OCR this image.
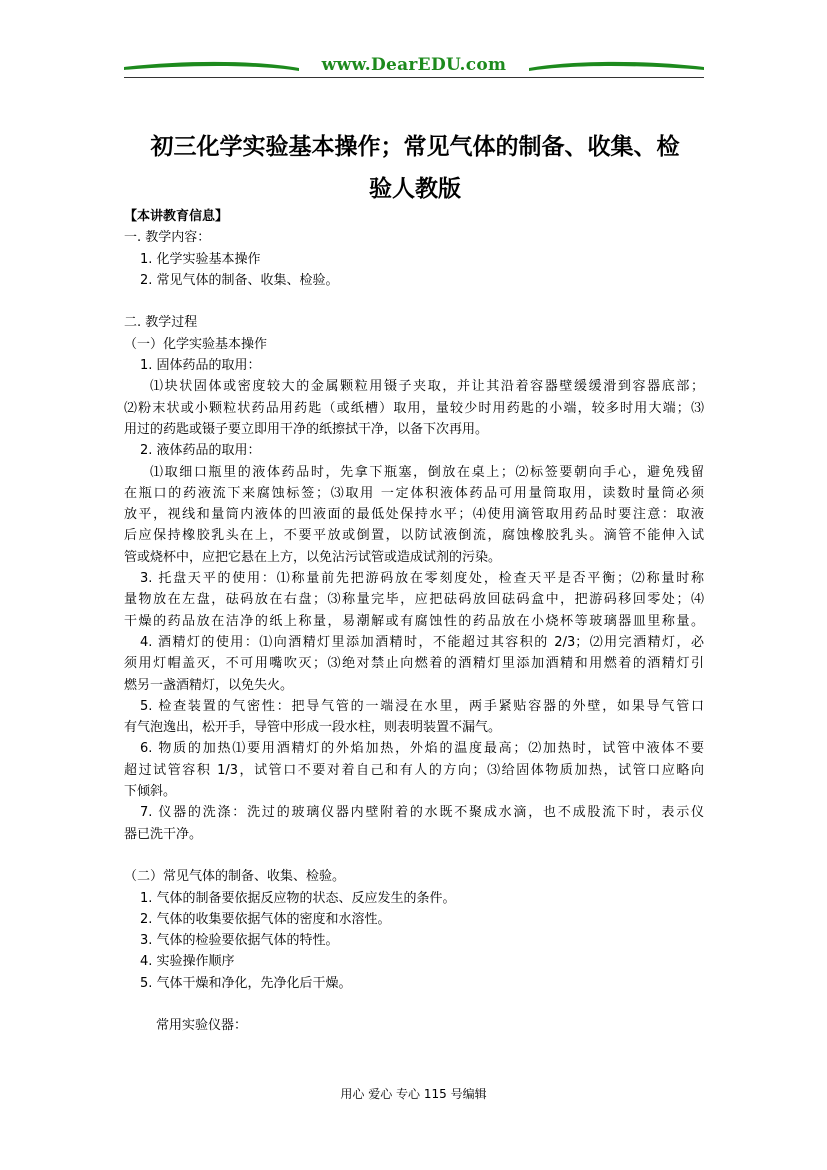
www.DearEDU.com
初三化学实验基本操作；常见气体的制备、收集、检
验人教版
【本讲教育信息】
一. 教学内容：
1. 化学实验基本操作
2. 常见气体的制备、收集、检验。
二. 教学过程
（一）化学实验基本操作
1. 固体药品的取用：
⑴块状固体或密度较大的金属颗粒用镊子夹取，并让其沿着容器壁缓缓滑到容器底部；
⑵粉末状或小颗粒状药品用药匙（或纸槽）取用，量较少时用药匙的小端，较多时用大端；⑶
用过的药匙或镊子要立即用干净的纸擦拭干净，以备下次再用。
2. 液体药品的取用：
⑴取细口瓶里的液体药品时，先拿下瓶塞，倒放在桌上；⑵标签要朝向手心，避免残留
在瓶口的药液流下来腐蚀标签；⑶取用 一定体积液体药品可用量筒取用，读数时量筒必须
放平，视线和量筒内液体的凹液面的最低处保持水平；⑷使用滴管取用药品时要注意：取液
后应保持橡胶乳头在上，不要平放或倒置，以防试液倒流，腐蚀橡胶乳头。滴管不能伸入试
管或烧杯中，应把它悬在上方，以免沾污试管或造成试剂的污染。
3. 托盘天平的使用：⑴称量前先把游码放在零刻度处，检查天平是否平衡；⑵称量时称
量物放在左盘，砝码放在右盘；⑶称量完毕，应把砝码放回砝码盒中，把游码移回零处；⑷
干燥的药品放在洁净的纸上称量，易潮解或有腐蚀性的药品放在小烧杯等玻璃器皿里称量。
4. 酒精灯的使用：⑴向酒精灯里添加酒精时，不能超过其容积的 2/3；⑵用完酒精灯，必
须用灯帽盖灭，不可用嘴吹灭；⑶绝对禁止向燃着的酒精灯里添加酒精和用燃着的酒精灯引
燃另一盏酒精灯，以免失火。
5. 检查装置的气密性：把导气管的一端浸在水里，两手紧贴容器的外壁，如果导气管口
有气泡逸出，松开手，导管中形成一段水柱，则表明装置不漏气。
6. 物质的加热⑴要用酒精灯的外焰加热，外焰的温度最高；⑵加热时，试管中液体不要
超过试管容积 1/3，试管口不要对着自己和有人的方向；⑶给固体物质加热，试管口应略向
下倾斜。
7. 仪器的洗涤：洗过的玻璃仪器内壁附着的水既不聚成水滴，也不成股流下时，表示仪
器已洗干净。
（二）常见气体的制备、收集、检验。
1. 气体的制备要依据反应物的状态、反应发生的条件。
2. 气体的收集要依据气体的密度和水溶性。
3. 气体的检验要依据气体的特性。
4. 实验操作顺序
5. 气体干燥和净化，先净化后干燥。
常用实验仪器：
用心 爱心 专心 115 号编辑
